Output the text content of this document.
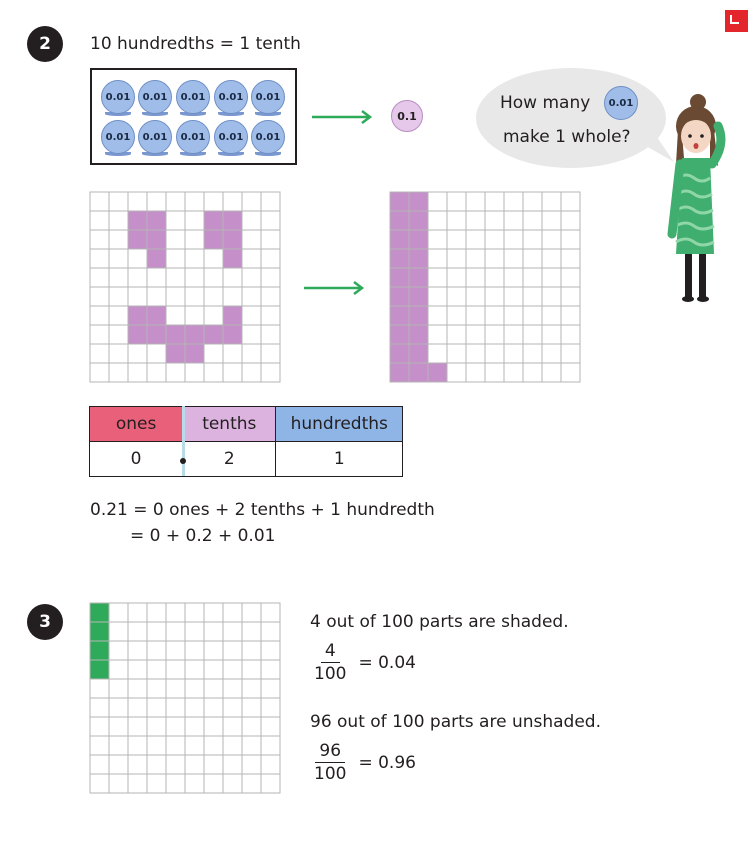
2	10 hundredths = 1 tenth
0.01	0.01	0.01	0.01	0.01
0.01	0.01	0.01	0.01	0.01
0.1
How many	0.01
make 1 whole?
ones	tenths	hundredths
0	2	1
0.21 = 0 ones + 2 tenths + 1 hundredth
= 0 + 0.2 + 0.01
3	4 out of 100 parts are shaded.
$\frac{4}{100} = 0.04$
96 out of 100 parts are unshaded.
$\frac{96}{100} = 0.96$
